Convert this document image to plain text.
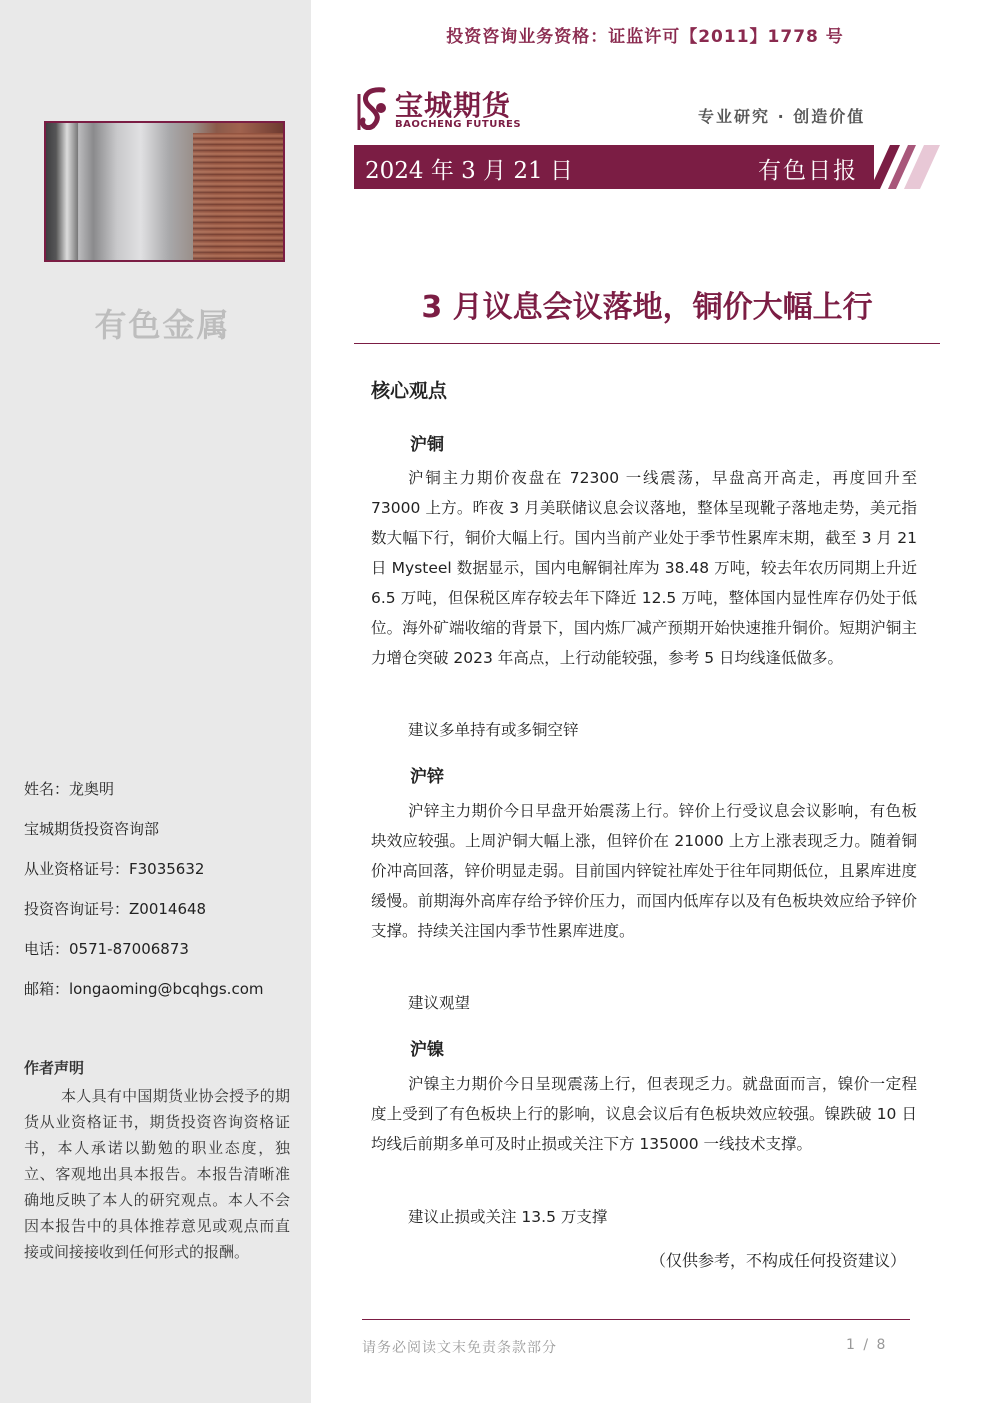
有色金属
姓名：龙奥明
宝城期货投资咨询部
从业资格证号：F3035632
投资咨询证号：Z0014648
电话：0571-87006873
邮箱：longaoming@bcqhgs.com
作者声明
本人具有中国期货业协会授予的期货从业资格证书，期货投资咨询资格证书，本人承诺以勤勉的职业态度，独立、客观地出具本报告。本报告清晰准确地反映了本人的研究观点。本人不会因本报告中的具体推荐意见或观点而直接或间接接收到任何形式的报酬。
投资咨询业务资格：证监许可【2011】1778 号
宝城期货
BAOCHENG FUTURES	专业研究 · 创造价值
2024 年 3 月 21 日	有色日报
3 月议息会议落地，铜价大幅上行
核心观点
沪铜
沪铜主力期价夜盘在 72300 一线震荡，早盘高开高走，再度回升至 73000 上方。昨夜 3 月美联储议息会议落地，整体呈现靴子落地走势，美元指数大幅下行，铜价大幅上行。国内当前产业处于季节性累库末期，截至 3 月 21 日 Mysteel 数据显示，国内电解铜社库为 38.48 万吨，较去年农历同期上升近 6.5 万吨，但保税区库存较去年下降近 12.5 万吨，整体国内显性库存仍处于低位。海外矿端收缩的背景下，国内炼厂减产预期开始快速推升铜价。短期沪铜主力增仓突破 2023 年高点，上行动能较强，参考 5 日均线逢低做多。
建议多单持有或多铜空锌
沪锌
沪锌主力期价今日早盘开始震荡上行。锌价上行受议息会议影响，有色板块效应较强。上周沪铜大幅上涨，但锌价在 21000 上方上涨表现乏力。随着铜价冲高回落，锌价明显走弱。目前国内锌锭社库处于往年同期低位，且累库进度缓慢。前期海外高库存给予锌价压力，而国内低库存以及有色板块效应给予锌价支撑。持续关注国内季节性累库进度。
建议观望
沪镍
沪镍主力期价今日呈现震荡上行，但表现乏力。就盘面而言，镍价一定程度上受到了有色板块上行的影响，议息会议后有色板块效应较强。镍跌破 10 日均线后前期多单可及时止损或关注下方 135000 一线技术支撑。
建议止损或关注 13.5 万支撑
（仅供参考，不构成任何投资建议）
请务必阅读文末免责条款部分	1 / 8
